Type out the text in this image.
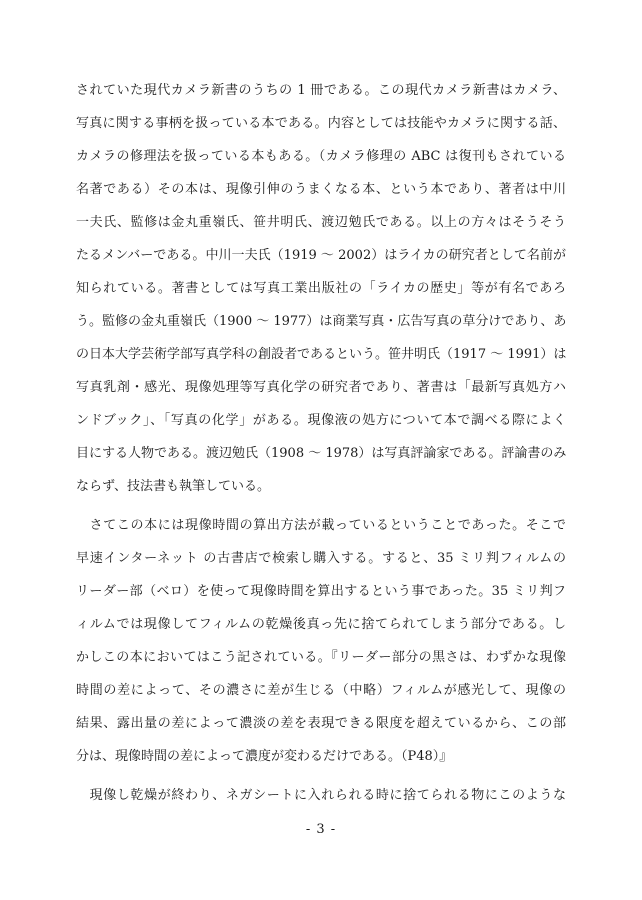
されていた現代カメラ新書のうちの 1 冊である。この現代カメラ新書はカメラ、
写真に関する事柄を扱っている本である。内容としては技能やカメラに関する話、
カメラの修理法を扱っている本もある。（カメラ修理の ABC は復刊もされている
名著である）その本は、現像引伸のうまくなる本、という本であり、著者は中川
一夫氏、監修は金丸重嶺氏、笹井明氏、渡辺勉氏である。以上の方々はそうそう
たるメンバーである。中川一夫氏（1919 ～ 2002）はライカの研究者として名前が
知られている。著書としては写真工業出版社の「ライカの歴史」等が有名であろ
う。監修の金丸重嶺氏（1900 ～ 1977）は商業写真・広告写真の草分けであり、あ
の日本大学芸術学部写真学科の創設者であるという。笹井明氏（1917 ～ 1991）は
写真乳剤・感光、現像処理等写真化学の研究者であり、著書は「最新写真処方ハ
ンドブック」、「写真の化学」がある。現像液の処方について本で調べる際によく
目にする人物である。渡辺勉氏（1908 ～ 1978）は写真評論家である。評論書のみ
ならず、技法書も執筆している。
　さてこの本には現像時間の算出方法が載っているということであった。そこで
早速インターネット の古書店で検索し購入する。すると、35 ミリ判フィルムの
リーダー部（ベロ）を使って現像時間を算出するという事であった。35 ミリ判フ
ィルムでは現像してフィルムの乾燥後真っ先に捨てられてしまう部分である。し
かしこの本においてはこう記されている。『リーダー部分の黒さは、わずかな現像
時間の差によって、その濃さに差が生じる（中略）フィルムが感光して、現像の
結果、露出量の差によって濃淡の差を表現できる限度を超えているから、この部
分は、現像時間の差によって濃度が変わるだけである。（P48）』
　現像し乾燥が終わり、ネガシートに入れられる時に捨てられる物にこのような
- 3 -
